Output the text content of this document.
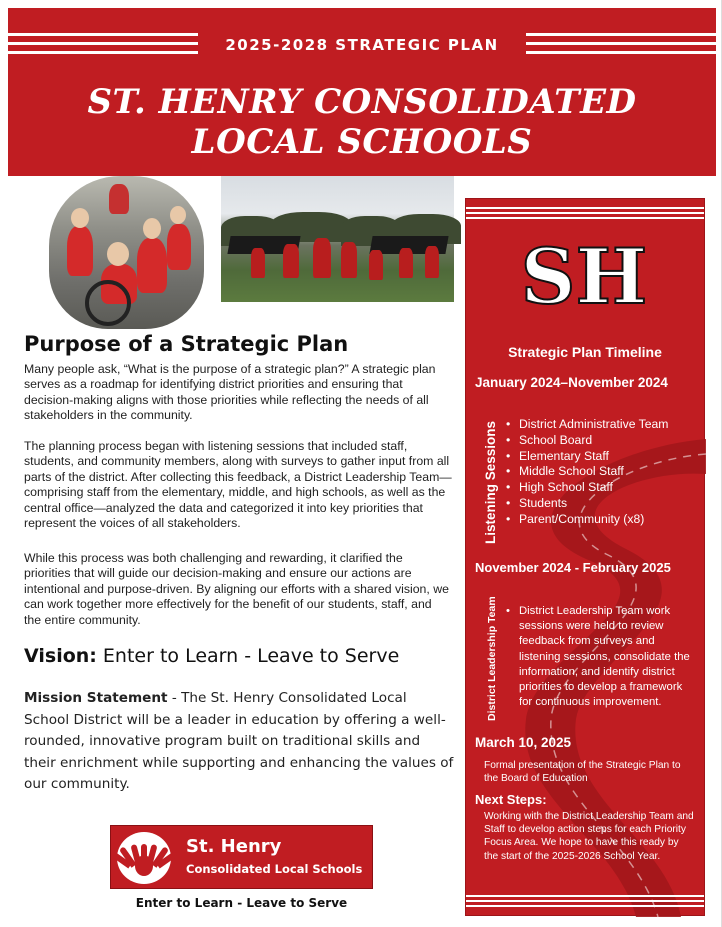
2025-2028 STRATEGIC PLAN
ST. HENRY CONSOLIDATED
LOCAL SCHOOLS
Purpose of a Strategic Plan
Many people ask, “What is the purpose of a strategic plan?” A strategic plan serves as a roadmap for identifying district priorities and ensuring that decision-making aligns with those priorities while reflecting the needs of all stakeholders in the community.
The planning process began with listening sessions that included staff, students, and community members, along with surveys to gather input from all parts of the district. After collecting this feedback, a District Leadership Team—comprising staff from the elementary, middle, and high schools, as well as the central office—analyzed the data and categorized it into key priorities that represent the voices of all stakeholders.
While this process was both challenging and rewarding, it clarified the priorities that will guide our decision-making and ensure our actions are intentional and purpose-driven. By aligning our efforts with a shared vision, we can work together more effectively for the benefit of our students, staff, and the entire community.
Vision: Enter to Learn - Leave to Serve
Mission Statement - The St. Henry Consolidated Local School District will be a leader in education by offering a well-rounded, innovative program built on traditional skills and their enrichment while supporting and enhancing the values of our community.
St. Henry
Consolidated Local Schools
Enter to Learn - Leave to Serve
SH
Strategic Plan Timeline
January 2024–November 2024
Listening Sessions	• District Administrative Team
• School Board
• Elementary Staff
• Middle School Staff
• High School Staff
• Students
• Parent/Community (x8)
November 2024 - February 2025
District Leadership Team	• District Leadership Team work sessions were held to review feedback from surveys and listening sessions, consolidate the information, and identify district priorities to develop a framework for continuous improvement.
March 10, 2025
Formal presentation of the Strategic Plan to the Board of Education
Next Steps:
Working with the District Leadership Team and Staff to develop action steps for each Priority Focus Area. We hope to have this ready by the start of the 2025-2026 School Year.
